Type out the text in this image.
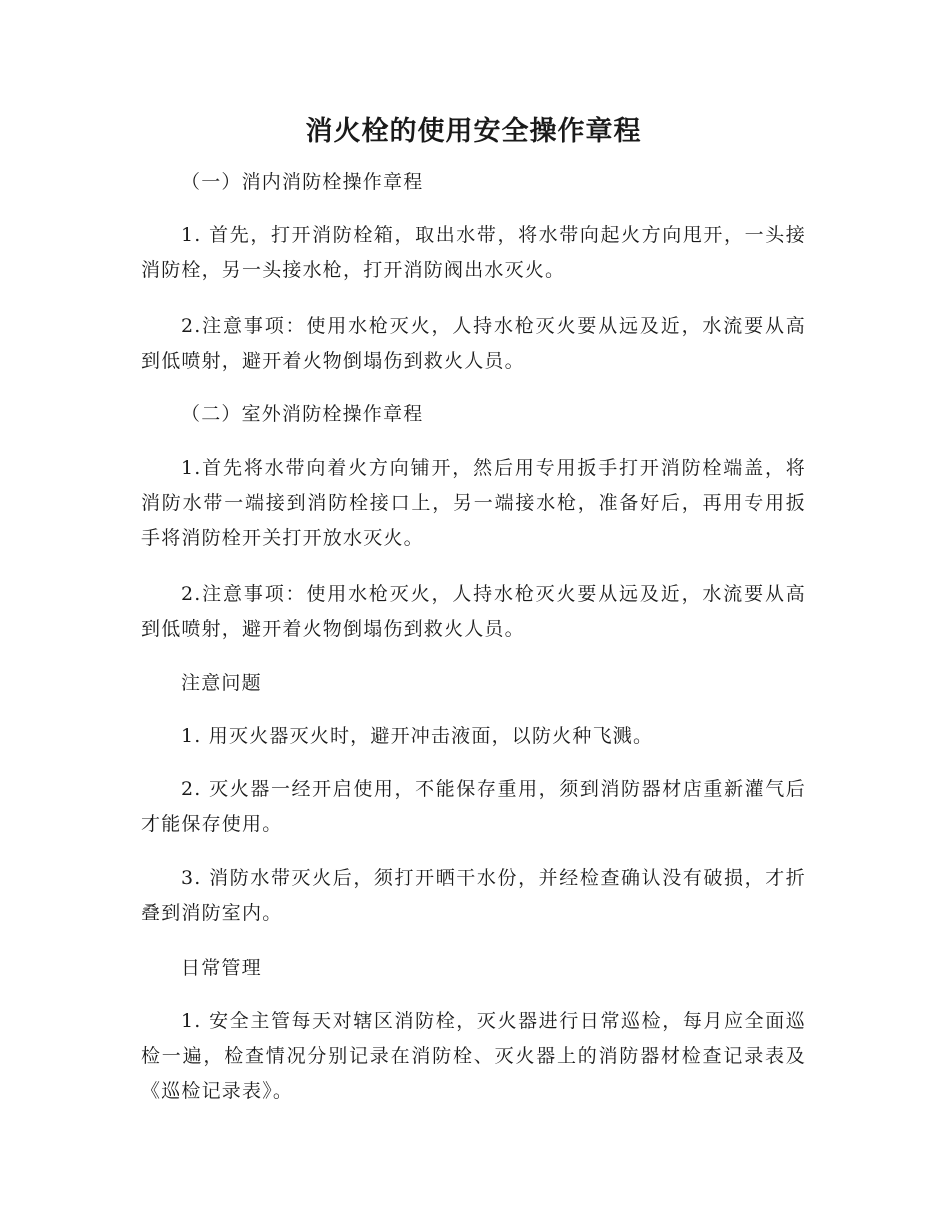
消火栓的使用安全操作章程

（一）消内消防栓操作章程

1. 首先，打开消防栓箱，取出水带，将水带向起火方向甩开，一头接消防栓，另一头接水枪，打开消防阀出水灭火。

2.注意事项：使用水枪灭火，人持水枪灭火要从远及近，水流要从高到低喷射，避开着火物倒塌伤到救火人员。

（二）室外消防栓操作章程

1.首先将水带向着火方向铺开，然后用专用扳手打开消防栓端盖，将消防水带一端接到消防栓接口上，另一端接水枪，准备好后，再用专用扳手将消防栓开关打开放水灭火。

2.注意事项：使用水枪灭火，人持水枪灭火要从远及近，水流要从高到低喷射，避开着火物倒塌伤到救火人员。

注意问题

1. 用灭火器灭火时，避开冲击液面，以防火种飞溅。

2. 灭火器一经开启使用，不能保存重用，须到消防器材店重新灌气后才能保存使用。

3. 消防水带灭火后，须打开晒干水份，并经检查确认没有破损，才折叠到消防室内。

日常管理

1. 安全主管每天对辖区消防栓，灭火器进行日常巡检，每月应全面巡检一遍，检查情况分别记录在消防栓、灭火器上的消防器材检查记录表及《巡检记录表》。
